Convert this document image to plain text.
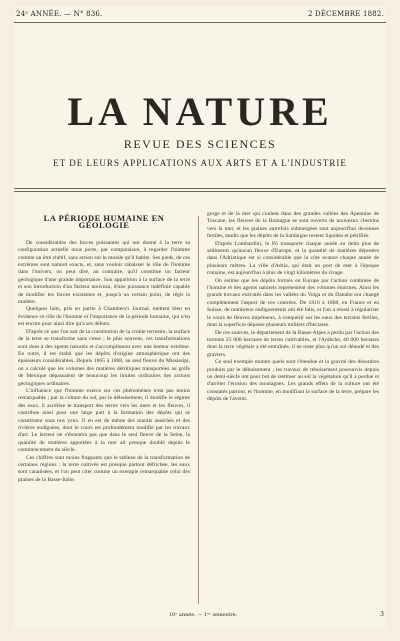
24ᵉ ANNÉE. — N° 836.	2 DÉCEMBRE 1882.
LA NATURE
REVUE DES SCIENCES
ET DE LEURS APPLICATIONS AUX ARTS ET A L'INDUSTRIE
LA PÉRIODE HUMAINE EN GÉOLOGIE

De considérables des forces puissantes qui ont donné à la terre sa configuration actuelle nous porte, par comparaison, à regarder l'homme comme un être chétif, sans action sur le monde qu'il habite. Ses pieds, de ces extrêmes sont naturel exacts, et, sans vouloir rabaisser le rôle de l'homme dans l'univers, on peut dire, au contraire, qu'il constitue un facteur géologique d'une grande importance. Son apparition à la surface de la terre et son introduction d'un facteur nouveau, d'une puissance indéfinie capable de modifier les forces existantes et, jusqu'à un certain point, de régir la matière.

Quelques faits, pris en partie à Chambers's Journal, mettent bien en évidence ce rôle de l'homme et l'importance de la période humaine, qui n'en est encore pour ainsi dire qu'à ses débuts.

D'après ce que l'on sait de la constitution de la croûte terrestre, la surface de la terre se transforme sans cesse ; le plus souvent, ces transformations sont dues à des agents naturels et s'accomplissent avec une lenteur extrême. En outre, il est établi que les dépôts d'origine atmosphérique ont des épaisseurs considérables. Depuis 1865 à 1868, au seul fleuve du Mississipi, on a calculé que les volumes des matières détritiques transportées au golfe de Mexique dépassaient de beaucoup les limites ordinaires des actions géologiques ordinaires.

L'influence que l'homme exerce sur ces phénomènes n'est pas moins remarquable ; par la culture du sol, par le déboisement, il modifie le régime des eaux, il accélère le transport des terres vers les mers et les fleuves, il contribue ainsi pour une large part à la formation des dépôts qui se constituent sous nos yeux. Il en est de même des marais asséchés et des rivières endiguées, dont le cours est profondément modifié par les travaux d'art. Le lecteur ne s'étonnera pas que dans le seul fleuve de la Seine, la quantité de matières apportées à la mer ait presque doublé depuis le commencement du siècle.

Ces chiffres sont moins frappants que le tableau de la transformation de certaines régions : la terre cultivée est presque partout défrichée, les eaux sont canalisées, et l'on peut citer comme un exemple remarquable celui des plaines de la Basse-Italie.

gorge et de la mer qui coulent dans des grandes vallées des Apennins de Toscane, les fleuves de la Romagne se sont ouverts de nouveaux chemins vers la mer, et les plaines autrefois submergées sont aujourd'hui devenues fertiles, tandis que les dépôts de la Sardaigne restent liquides et pétrifiés.

D'après Lombardini, le Pô transporte chaque année au delta plus de sédiments qu'aucun fleuve d'Europe, et la quantité de matières déposées dans l'Adriatique est si considérable que la côte avance chaque année de plusieurs mètres. La ville d'Adria, qui était un port de mer à l'époque romaine, est aujourd'hui à plus de vingt kilomètres du rivage.

On estime que les dépôts formés en Europe par l'action combinée de l'homme et des agents naturels représentent des volumes énormes. Ainsi les grands travaux exécutés dans les vallées du Volga et du Danube ont changé complètement l'aspect de ces contrées. De 1816 à 1868, en France et en Suisse, de nombreux endiguements ont été faits, et l'on a réussi à régulariser le cours de fleuves impétueux, à conquérir sur les eaux des terrains fertiles, dont la superficie dépasse plusieurs milliers d'hectares.

De ces sources, le département de la Basse-Alpes a perdu par l'action des torrents 25 000 hectares de terres cultivables, et l'Ardèche, 40 000 hectares dont la terre végétale a été entraînée, il ne reste plus qu'un sol dénudé et des graviers.

Ce seul exemple montre quels sont l'étendue et la gravité des désordres produits par le déboisement ; les travaux de reboisement poursuivis depuis un demi-siècle ont pour but de restituer au sol la végétation qu'il a perdue et d'arrêter l'érosion des montagnes. Les grands effets de la culture ont été constatés partout, et l'homme, en modifiant la surface de la terre, prépare les dépôts de l'avenir.

10ᵉ année. — 1ᵉʳ semestre.	3
